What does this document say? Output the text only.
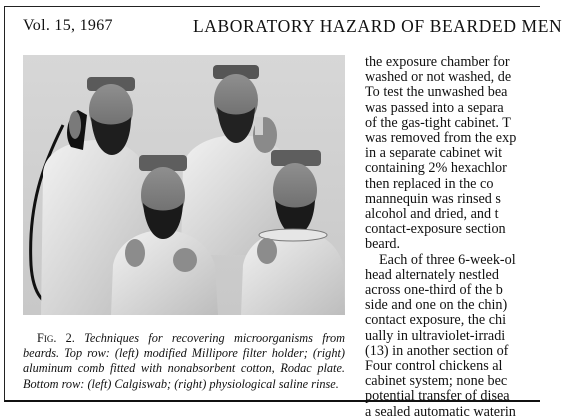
Vol. 15, 1967	LABORATORY HAZARD OF BEARDED MEN

Fig. 2. Techniques for recovering microorganisms from beards. Top row: (left) modified Millipore filter holder; (right) aluminum comb fitted with nonabsorbent cotton, Rodac plate. Bottom row: (left) Calgiswab; (right) physiological saline rinse.

the exposure chamber for
washed or not washed, de
To test the unwashed bea
was passed into a separa
of the gas-tight cabinet. T
was removed from the exp
in a separate cabinet wit
containing 2% hexachlor
then replaced in the co
mannequin was rinsed s
alcohol and dried, and t
contact-exposure section
beard.
Each of three 6-week-ol
head alternately nestled
across one-third of the b
side and one on the chin)
contact exposure, the chi
ually in ultraviolet-irradi
(13) in another section of
Four control chickens al
cabinet system; none bec
potential transfer of disea
a sealed automatic waterin
